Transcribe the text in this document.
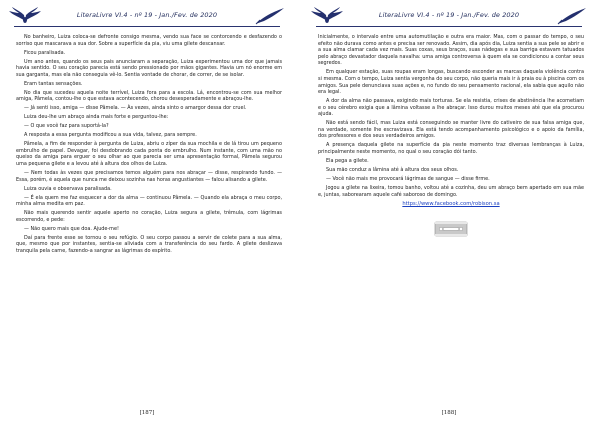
LiteraLivre VI.4 - nº 19 - Jan./Fev. de 2020

No banheiro, Luiza coloca-se defronte consigo mesma, vendo sua face se contorcendo e desfazendo o sorriso que mascarava a sua dor. Sobre a superfície da pia, viu uma gilete descansar.

Ficou paralisada.

Um ano antes, quando os seus pais anunciaram a separação, Luiza experimentou uma dor que jamais havia sentido. O seu coração parecia está sendo pressionado por mãos gigantes. Havia um nó enorme em sua garganta, mas ela não conseguia vê-lo. Sentia vontade de chorar, de correr, de se isolar.

Eram tantas sensações.

No dia que sucedeu aquela noite terrível, Luiza fora para a escola. Lá, encontrou-se com sua melhor amiga, Pâmela, contou-lhe o que estava acontecendo, chorou desesperadamente e abraçou-lhe.

— Já senti isso, amiga — disse Pâmela. — Às vezes, ainda sinto o amargor dessa dor cruel.

Luiza deu-lhe um abraço ainda mais forte e perguntou-lhe:

— O que você faz para suportá-la?

A resposta a essa pergunta modificou a sua vida, talvez, para sempre.

Pâmela, a fim de responder à pergunta de Luiza, abriu o zíper da sua mochila e de lá tirou um pequeno embrulho de papel. Devagar, foi desdobrando cada ponta do embrulho. Num instante, com uma mão no queixo da amiga para erguer o seu olhar ao que parecia ser uma apresentação formal, Pâmela segurou uma pequena gilete e a levou até à altura dos olhos de Luiza.

— Nem todas às vezes que precisamos temos alguém para nos abraçar — disse, respirando fundo. — Essa, porém, é aquela que nunca me deixou sozinha nas horas angustiantes — falou alisando a gilete.

Luiza ouvia e observava paralisada.

— É ela quem me faz esquecer a dor da alma — continuou Pâmela. — Quando ela abraça o meu corpo, minha alma medita em paz.

Não mais querendo sentir aquele aperto no coração, Luiza segura a gilete, trêmula, com lágrimas escorrendo, e pede:

— Não quero mais que doa. Ajude-me!

Daí para frente esse se tornou o seu refúgio. O seu corpo passou a servir de colete para a sua alma, que, mesmo que por instantes, sentia-se aliviada com a transferência do seu fardo. A gilete deslizava tranquila pela carne, fazendo-a sangrar as lágrimas do espírito.

[187]
LiteraLivre VI.4 - nº 19 - Jan./Fev. de 2020

Inicialmente, o intervalo entre uma automutilação e outra era maior. Mas, com o passar do tempo, o seu efeito não durava como antes e precisa ser renovado. Assim, dia após dia, Luiza sentia a sua pele se abrir e a sua alma clamar cada vez mais. Suas coxas, seus braços, suas nádegas e sua barriga estavam tatuados pelo abraço devastador daquela navalha: uma amiga controversa à quem ela se condicionou a contar seus segredos.

Em qualquer estação, suas roupas eram longas, buscando esconder as marcas daquela violência contra si mesma. Com o tempo, Luiza sentia vergonha do seu corpo, não queria mais ir à praia ou à piscina com os amigos. Sua pele denunciava suas ações e, no fundo do seu pensamento racional, ela sabia que aquilo não era legal.

A dor da alma não passava, exigindo mais torturas. Se ela resistia, crises de abstinência lhe acometiam e o seu cérebro exigia que a lâmina voltasse a lhe abraçar. Isso durou muitos meses até que ela procurou ajuda.

Não está sendo fácil, mas Luiza está conseguindo se manter livre do cativeiro de sua falsa amiga que, na verdade, somente lhe escravizava. Ela está tendo acompanhamento psicológico e o apoio da família, dos professores e dos seus verdadeiros amigos.

A presença daquela gilete na superfície da pia neste momento traz diversas lembranças à Luiza, principalmente neste momento, no qual o seu coração dói tanto.

Ela pega a gilete.

Sua mão conduz a lâmina até à altura dos seus olhos.

— Você não mais me provocará lágrimas de sangue — disse firme.

Jogou a gilete na lixeira, tomou banho, voltou até a cozinha, deu um abraço bem apertado em sua mãe e, juntas, saborearam aquele café saboroso de domingo.

https://www.facebook.com/robison.sa
[188]
